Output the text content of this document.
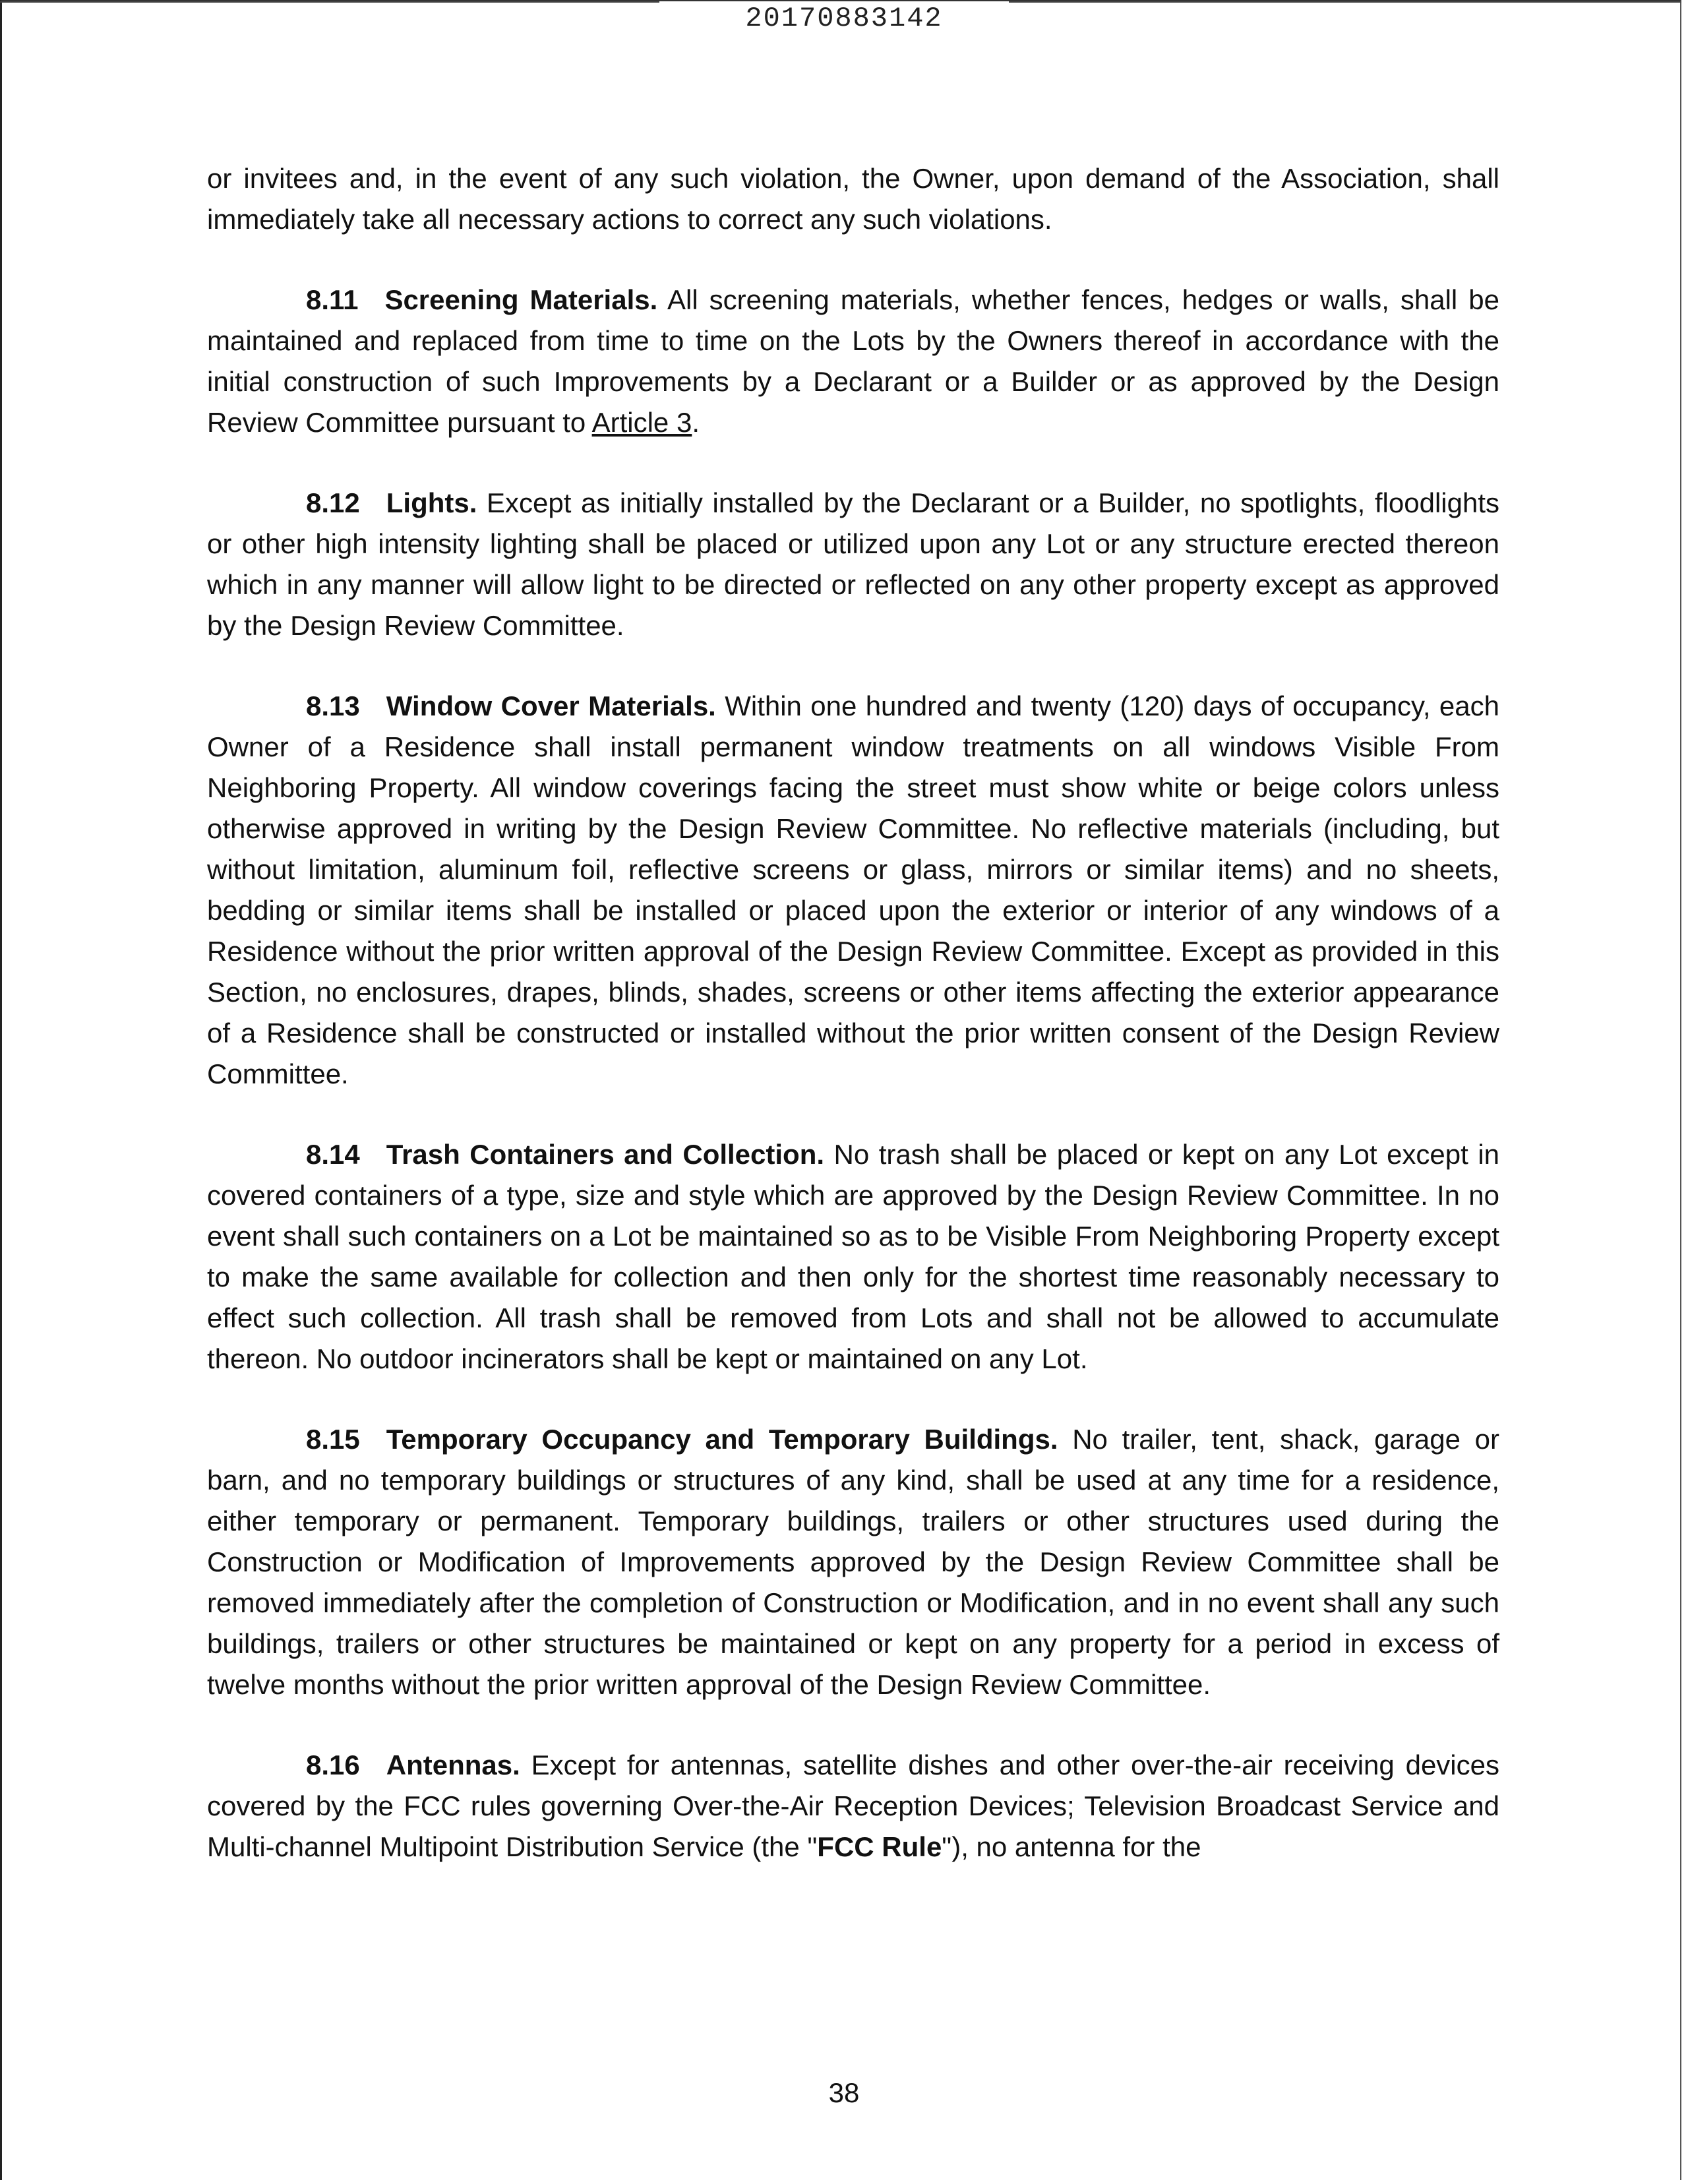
20170883142

or invitees and, in the event of any such violation, the Owner, upon demand of the Association, shall immediately take all necessary actions to correct any such violations.

8.11 Screening Materials. All screening materials, whether fences, hedges or walls, shall be maintained and replaced from time to time on the Lots by the Owners thereof in accordance with the initial construction of such Improvements by a Declarant or a Builder or as approved by the Design Review Committee pursuant to Article 3.

8.12 Lights. Except as initially installed by the Declarant or a Builder, no spotlights, floodlights or other high intensity lighting shall be placed or utilized upon any Lot or any structure erected thereon which in any manner will allow light to be directed or reflected on any other property except as approved by the Design Review Committee.

8.13 Window Cover Materials. Within one hundred and twenty (120) days of occupancy, each Owner of a Residence shall install permanent window treatments on all windows Visible From Neighboring Property. All window coverings facing the street must show white or beige colors unless otherwise approved in writing by the Design Review Committee. No reflective materials (including, but without limitation, aluminum foil, reflective screens or glass, mirrors or similar items) and no sheets, bedding or similar items shall be installed or placed upon the exterior or interior of any windows of a Residence without the prior written approval of the Design Review Committee. Except as provided in this Section, no enclosures, drapes, blinds, shades, screens or other items affecting the exterior appearance of a Residence shall be constructed or installed without the prior written consent of the Design Review Committee.

8.14 Trash Containers and Collection. No trash shall be placed or kept on any Lot except in covered containers of a type, size and style which are approved by the Design Review Committee. In no event shall such containers on a Lot be maintained so as to be Visible From Neighboring Property except to make the same available for collection and then only for the shortest time reasonably necessary to effect such collection. All trash shall be removed from Lots and shall not be allowed to accumulate thereon. No outdoor incinerators shall be kept or maintained on any Lot.

8.15 Temporary Occupancy and Temporary Buildings. No trailer, tent, shack, garage or barn, and no temporary buildings or structures of any kind, shall be used at any time for a residence, either temporary or permanent. Temporary buildings, trailers or other structures used during the Construction or Modification of Improvements approved by the Design Review Committee shall be removed immediately after the completion of Construction or Modification, and in no event shall any such buildings, trailers or other structures be maintained or kept on any property for a period in excess of twelve months without the prior written approval of the Design Review Committee.

8.16 Antennas. Except for antennas, satellite dishes and other over-the-air receiving devices covered by the FCC rules governing Over-the-Air Reception Devices; Television Broadcast Service and Multi-channel Multipoint Distribution Service (the "FCC Rule"), no antenna for the

38
